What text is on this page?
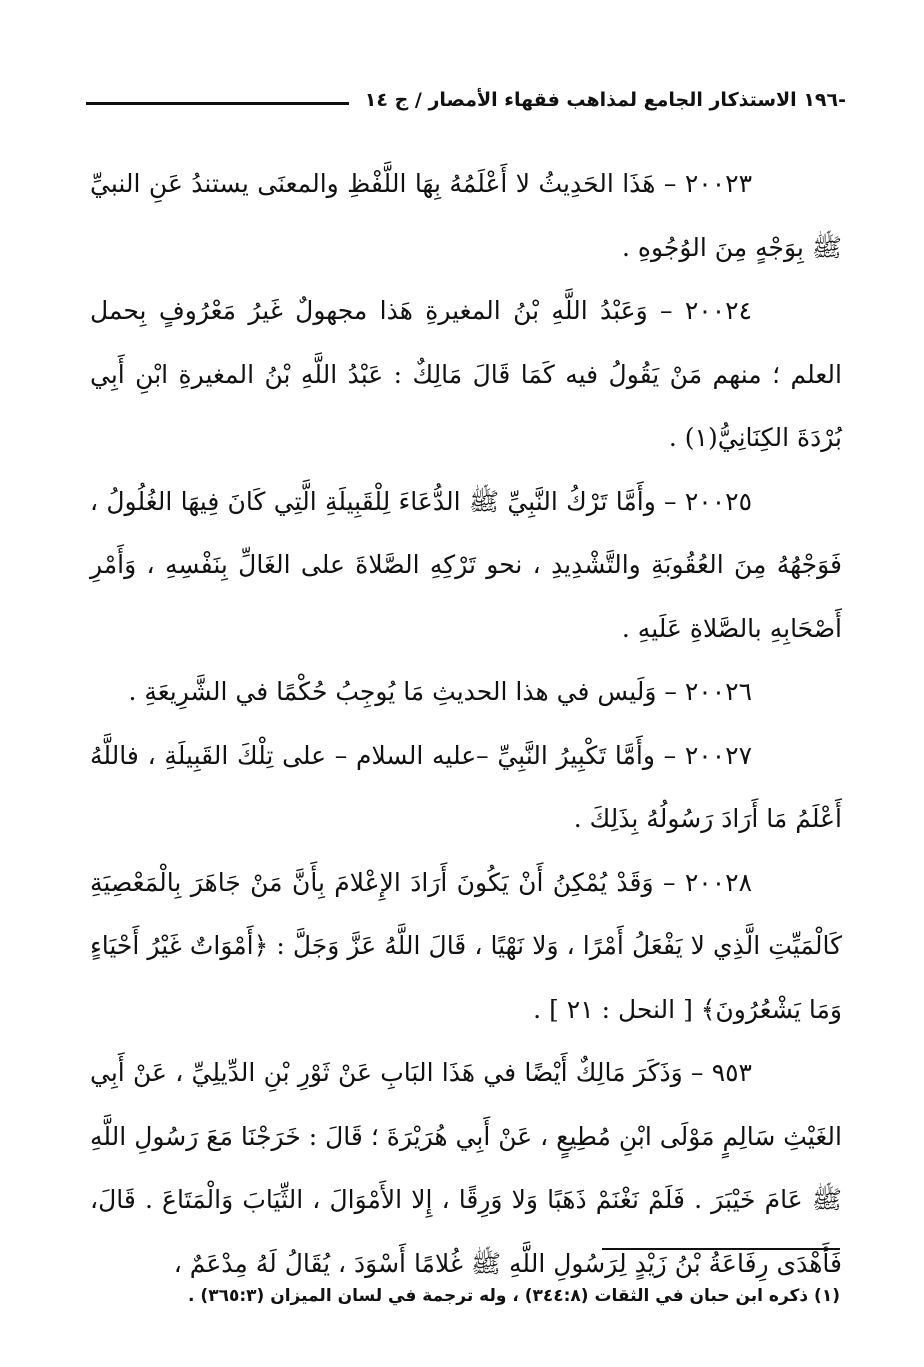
-١٩٦ الاستذكار الجامع لمذاهب فقهاء الأمصار / ج ١٤

٢٠٠٢٣ – هَذَا الحَدِيثُ لا أَعْلَمُهُ بِهَا اللَّفْظِ والمعنَى يستندُ عَنِ النبيِّ ﷺ بِوَجْهٍ مِنَ الوُجُوهِ .

٢٠٠٢٤ – وَعَبْدُ اللَّهِ بْنُ المغيرةِ هَذا مجهولٌ غَيرُ مَعْرُوفٍ بِحمل العلم ؛ منهم مَنْ يَقُولُ فيه كَمَا قَالَ مَالِكٌ : عَبْدُ اللَّهِ بْنُ المغيرةِ ابْنِ أَبِي بُرْدَةَ الكِنَانِيُّ(١) .

٢٠٠٢٥ – وأَمَّا تَرْكُ النَّبِيِّ ﷺ الدُّعَاءَ لِلْقَبِيلَةِ الَّتِي كَانَ فِيهَا الغُلُولُ ، فَوَجْهُهُ مِنَ العُقُوبَةِ والتَّشْدِيدِ ، نحو تَرْكِهِ الصَّلاةَ على الغَالِّ بِنَفْسِهِ ، وَأَمْرِ أَصْحَابِهِ بالصَّلاةِ عَلَيهِ .

٢٠٠٢٦ – وَلَيس في هذا الحديثِ مَا يُوجِبُ حُكْمًا في الشَّرِيعَةِ .

٢٠٠٢٧ – وأَمَّا تَكْبِيرُ النَّبِيِّ –عليه السلام – على تِلْكَ القَبِيلَةِ ، فاللَّهُ أَعْلَمُ مَا أَرَادَ رَسُولُهُ بِذَلِكَ .

٢٠٠٢٨ – وَقَدْ يُمْكِنُ أَنْ يَكُونَ أَرَادَ الإِعْلامَ بِأَنَّ مَنْ جَاهَرَ بِالْمَعْصِيَةِ كَالْمَيِّتِ الَّذِي لا يَفْعَلُ أَمْرًا ، وَلا نَهْيًا ، قَالَ اللَّهُ عَزَّ وَجَلَّ : ﴿أَمْوَاتٌ غَيْرُ أَحْيَاءٍ وَمَا يَشْعُرُونَ﴾ [ النحل : ٢١ ] .

٩٥٣ – وَذَكَرَ مَالِكٌ أَيْضًا في هَذَا البَابِ عَنْ ثَوْرِ بْنِ الدِّيلِيِّ ، عَنْ أَبِي الغَيْثِ سَالِمٍ مَوْلَى ابْنِ مُطِيعٍ ، عَنْ أَبِي هُرَيْرَةَ ؛ قَالَ : خَرَجْنَا مَعَ رَسُولِ اللَّهِ ﷺ عَامَ خَيْبَرَ . فَلَمْ نَغْنَمْ ذَهَبًا وَلا وَرِقًا ، إِلا الأَمْوَالَ ، الثِّيَابَ وَالْمَتَاعَ . قَالَ، فَأَهْدَى رِفَاعَةُ بْنُ زَيْدٍ لِرَسُولِ اللَّهِ ﷺ غُلامًا أَسْوَدَ ، يُقَالُ لَهُ مِدْعَمٌ ،

(١) ذكره ابن حبان في الثقات (٣٤٤:٨) ، وله ترجمة في لسان الميزان (٣٦٥:٣) .
